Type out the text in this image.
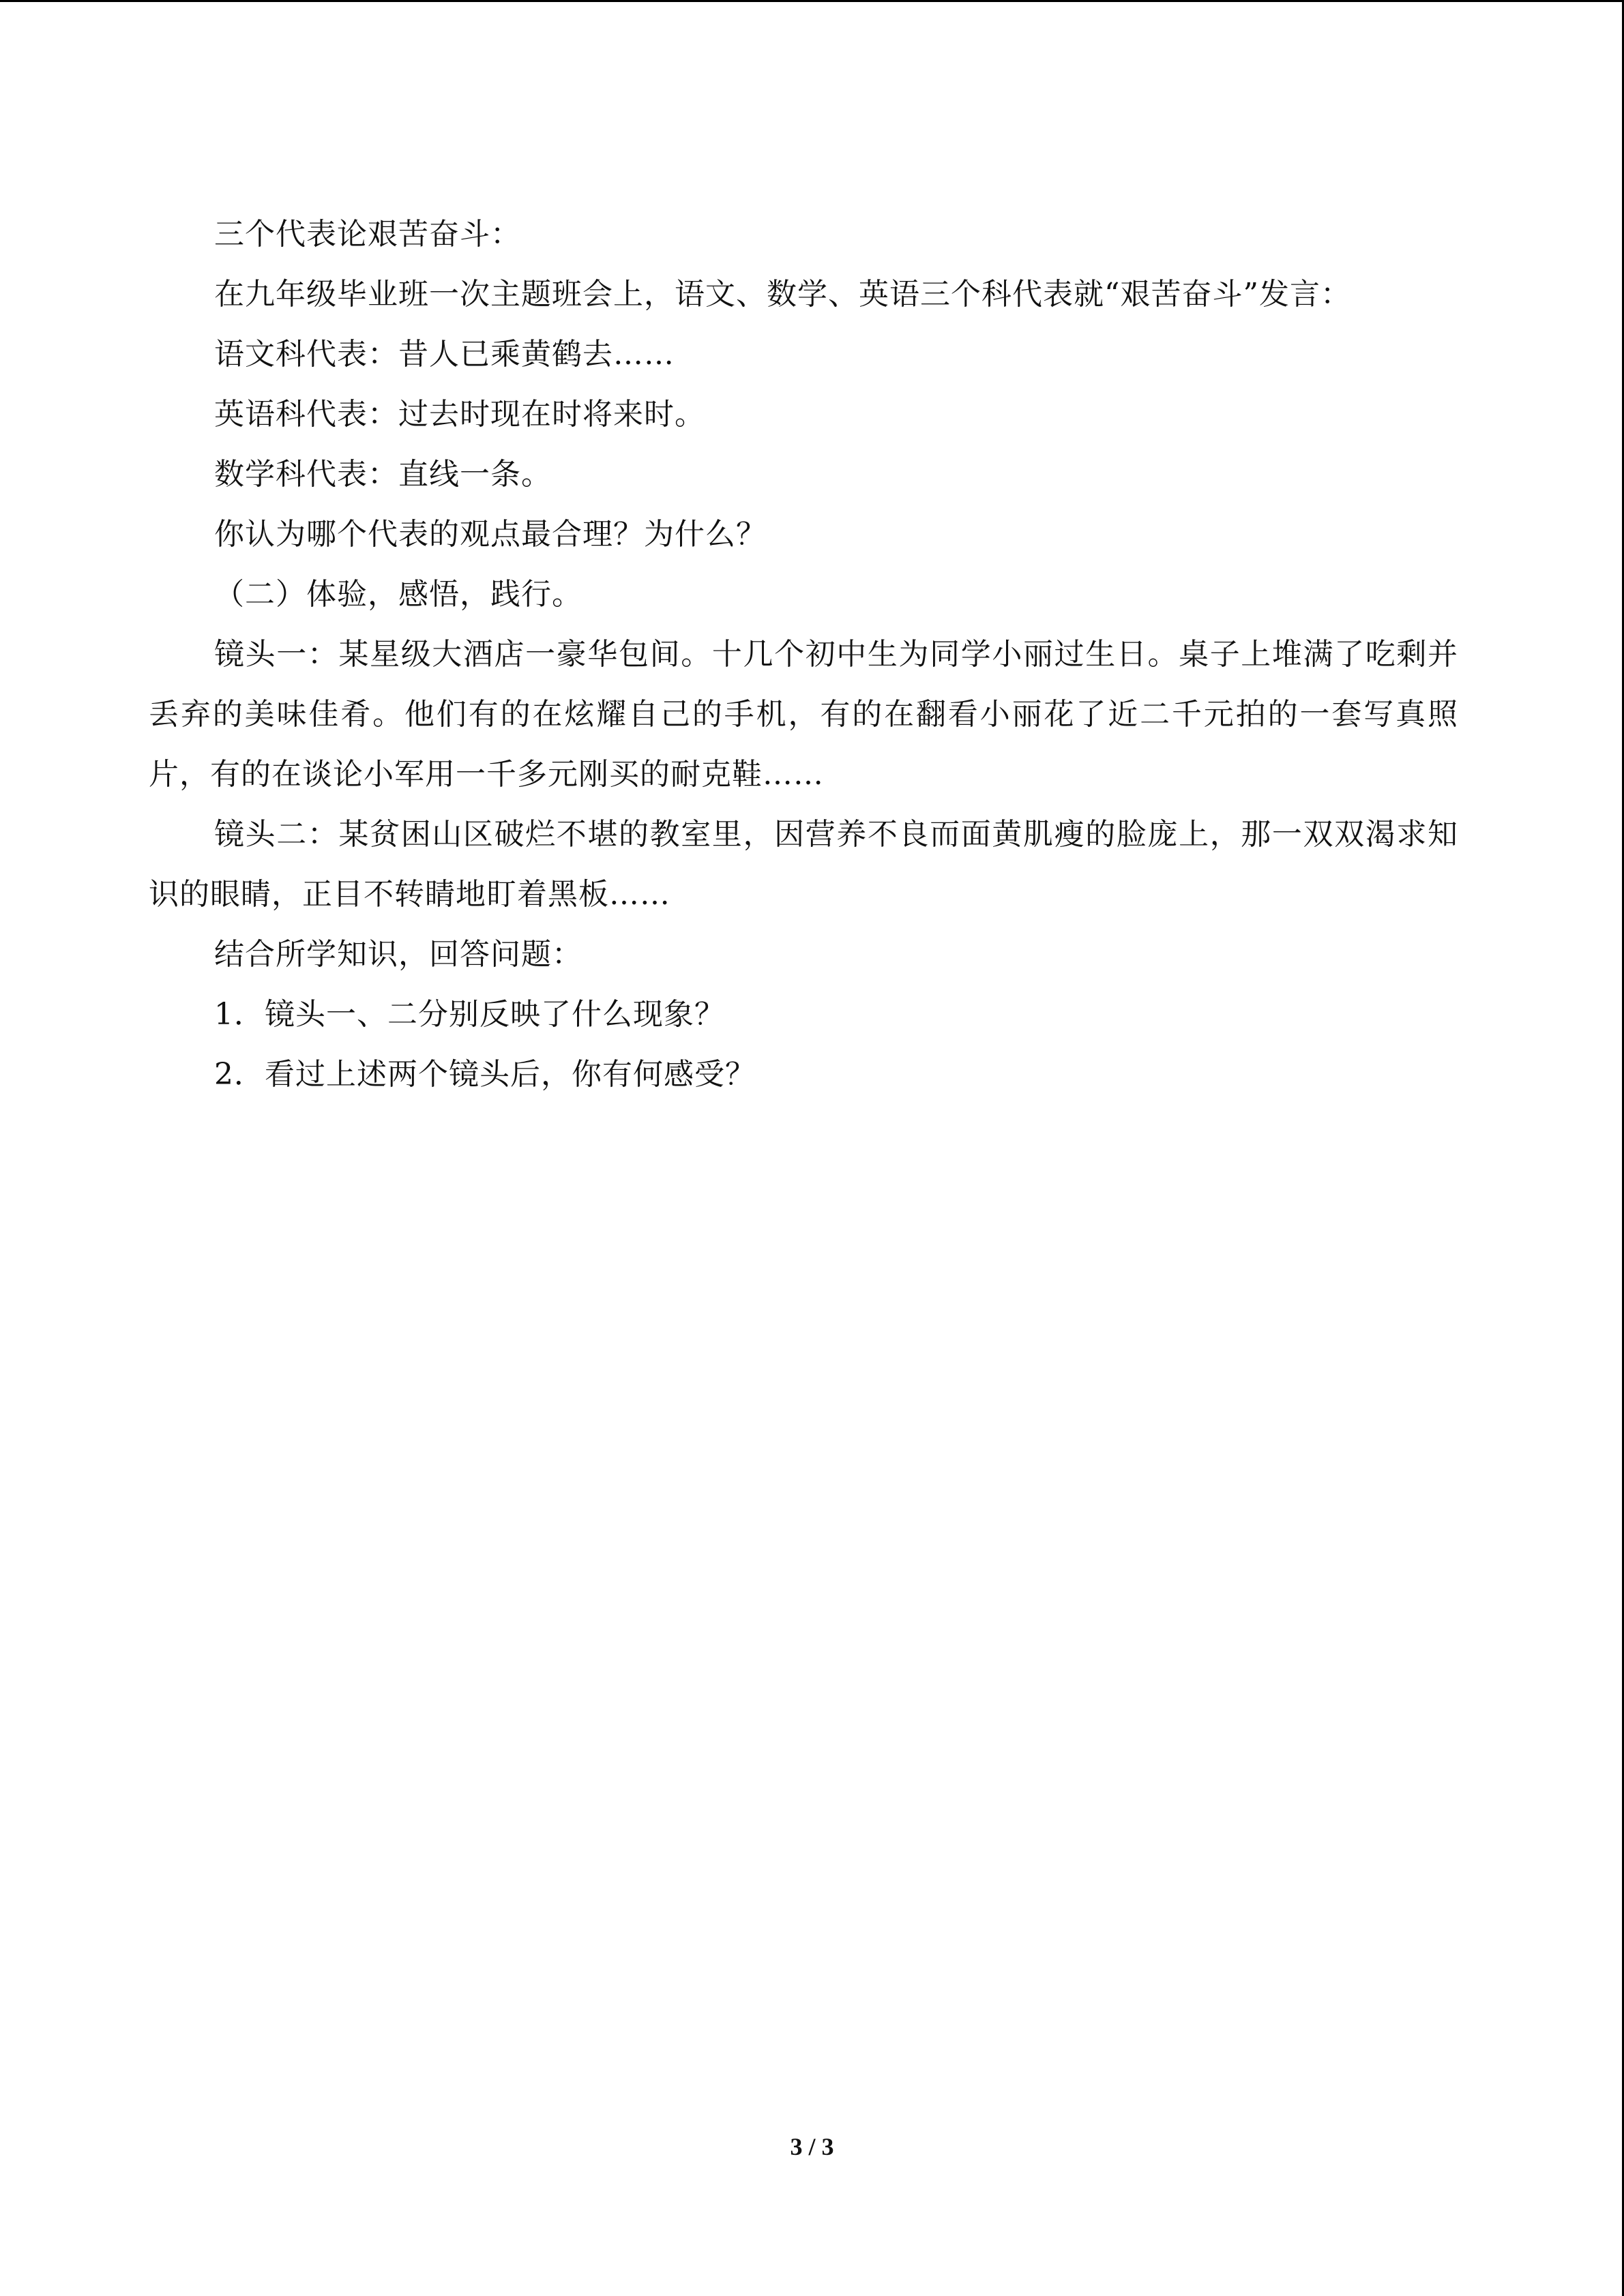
三个代表论艰苦奋斗：

在九年级毕业班一次主题班会上，语文、数学、英语三个科代表就“艰苦奋斗”发言：

语文科代表：昔人已乘黄鹤去……

英语科代表：过去时现在时将来时。

数学科代表：直线一条。

你认为哪个代表的观点最合理？为什么？

（二）体验，感悟，践行。

镜头一：某星级大酒店一豪华包间。十几个初中生为同学小丽过生日。桌子上堆满了吃剩并丢弃的美味佳肴。他们有的在炫耀自己的手机，有的在翻看小丽花了近二千元拍的一套写真照片，有的在谈论小军用一千多元刚买的耐克鞋……

镜头二：某贫困山区破烂不堪的教室里，因营养不良而面黄肌瘦的脸庞上，那一双双渴求知识的眼睛，正目不转睛地盯着黑板……

结合所学知识，回答问题：

1．镜头一、二分别反映了什么现象？

2．看过上述两个镜头后，你有何感受？

3 / 3
